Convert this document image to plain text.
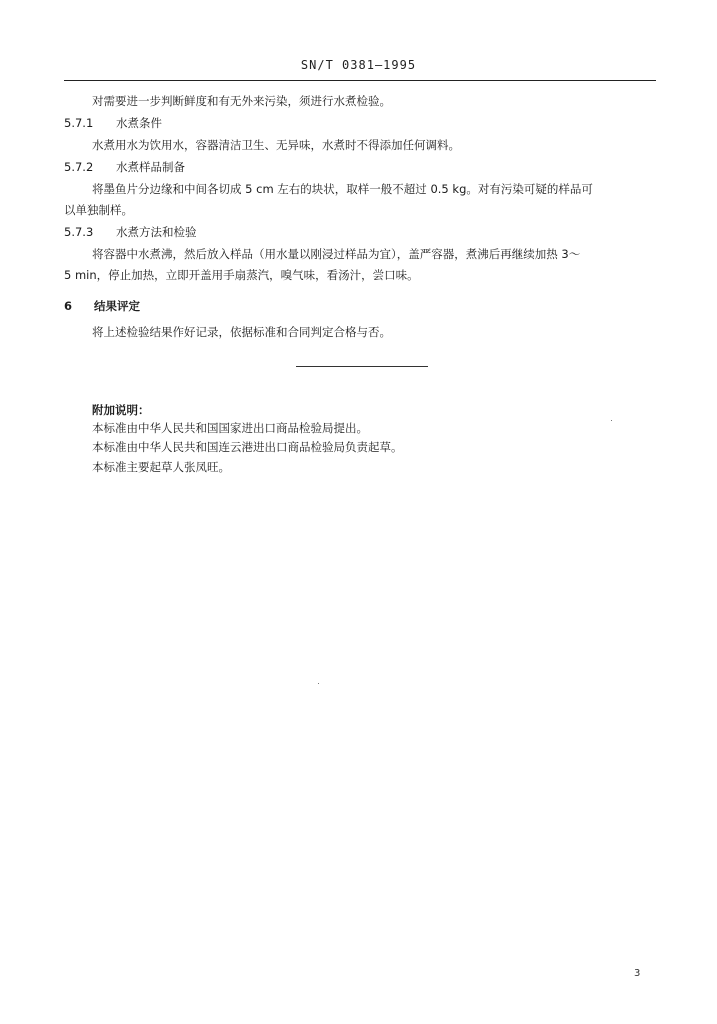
SN/T 0381—1995
对需要进一步判断鲜度和有无外来污染，须进行水煮检验。
5.7.1 水煮条件
水煮用水为饮用水，容器清洁卫生、无异味，水煮时不得添加任何调料。
5.7.2 水煮样品制备
将墨鱼片分边缘和中间各切成 5 cm 左右的块状，取样一般不超过 0.5 kg。对有污染可疑的样品可
以单独制样。
5.7.3 水煮方法和检验
将容器中水煮沸，然后放入样品（用水量以刚浸过样品为宜），盖严容器，煮沸后再继续加热 3～
5 min，停止加热，立即开盖用手扇蒸汽，嗅气味，看汤汁，尝口味。
6 结果评定
将上述检验结果作好记录，依据标准和合同判定合格与否。
附加说明：
本标准由中华人民共和国国家进出口商品检验局提出。
本标准由中华人民共和国连云港进出口商品检验局负责起草。
本标准主要起草人张凤旺。
3
